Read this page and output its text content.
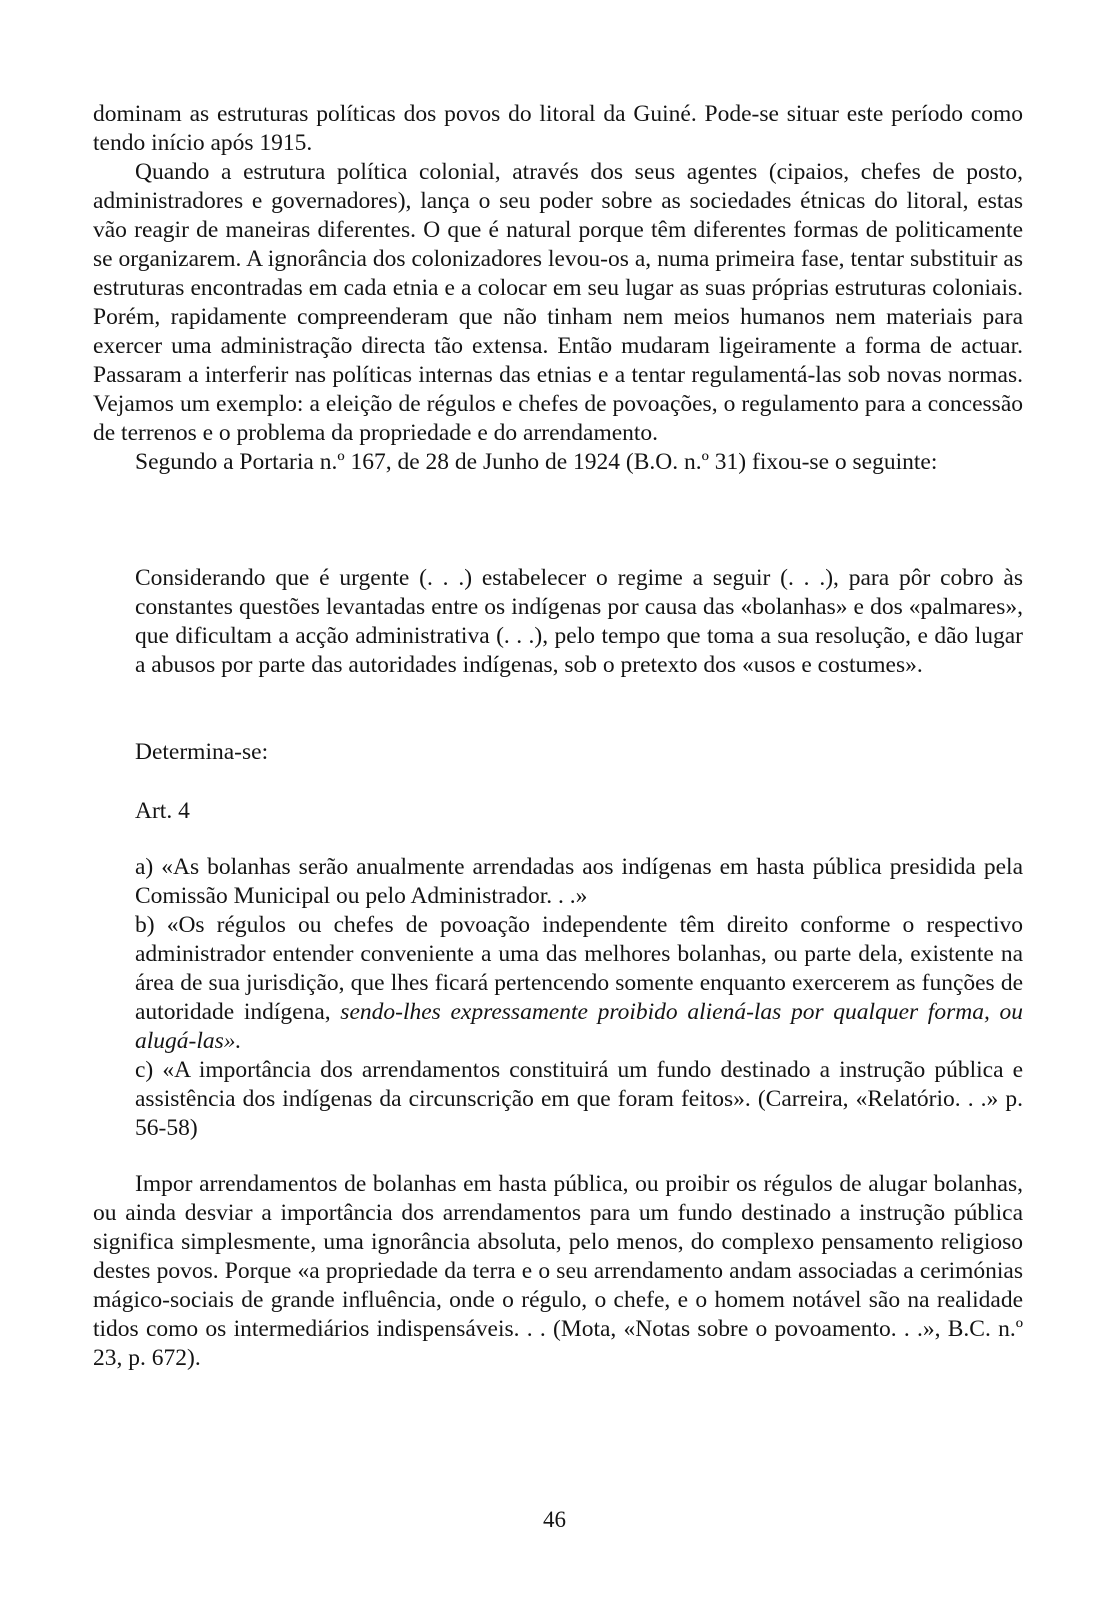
dominam as estruturas políticas dos povos do litoral da Guiné. Pode-se situar este período como tendo início após 1915.

Quando a estrutura política colonial, através dos seus agentes (cipaios, chefes de posto, administradores e governadores), lança o seu poder sobre as sociedades étnicas do litoral, estas vão reagir de maneiras diferentes. O que é natural porque têm diferentes formas de politicamente se organizarem. A ignorância dos colonizadores levou-os a, numa primeira fase, tentar substituir as estruturas encontradas em cada etnia e a colocar em seu lugar as suas próprias estruturas coloniais. Porém, rapidamente compreenderam que não tinham nem meios humanos nem materiais para exercer uma administração directa tão extensa. Então mudaram ligeiramente a forma de actuar. Passaram a interferir nas políticas internas das etnias e a tentar regulamentá-las sob novas normas. Vejamos um exemplo: a eleição de régulos e chefes de povoações, o regulamento para a concessão de terrenos e o problema da propriedade e do arrendamento.

Segundo a Portaria n.º 167, de 28 de Junho de 1924 (B.O. n.º 31) fixou-se o seguinte:

Considerando que é urgente (. . .) estabelecer o regime a seguir (. . .), para pôr cobro às constantes questões levantadas entre os indígenas por causa das «bolanhas» e dos «palmares», que dificultam a acção administrativa (. . .), pelo tempo que toma a sua resolução, e dão lugar a abusos por parte das autoridades indígenas, sob o pretexto dos «usos e costumes».

Determina-se:
Art. 4

a) «As bolanhas serão anualmente arrendadas aos indígenas em hasta pública presidida pela Comissão Municipal ou pelo Administrador. . .»

b) «Os régulos ou chefes de povoação independente têm direito conforme o respectivo administrador entender conveniente a uma das melhores bolanhas, ou parte dela, existente na área de sua jurisdição, que lhes ficará pertencendo somente enquanto exercerem as funções de autoridade indígena, sendo-lhes expressamente proibido aliená-las por qualquer forma, ou alugá-las».

c) «A importância dos arrendamentos constituirá um fundo destinado a instrução pública e assistência dos indígenas da circunscrição em que foram feitos». (Carreira, «Relatório. . .» p. 56-58)

Impor arrendamentos de bolanhas em hasta pública, ou proibir os régulos de alugar bolanhas, ou ainda desviar a importância dos arrendamentos para um fundo destinado a instrução pública significa simplesmente, uma ignorância absoluta, pelo menos, do complexo pensamento religioso destes povos. Porque «a propriedade da terra e o seu arrendamento andam associadas a cerimónias mágico-sociais de grande influência, onde o régulo, o chefe, e o homem notável são na realidade tidos como os intermediários indispensáveis. . . (Mota, «Notas sobre o povoamento. . .», B.C. n.º 23, p. 672).

46
